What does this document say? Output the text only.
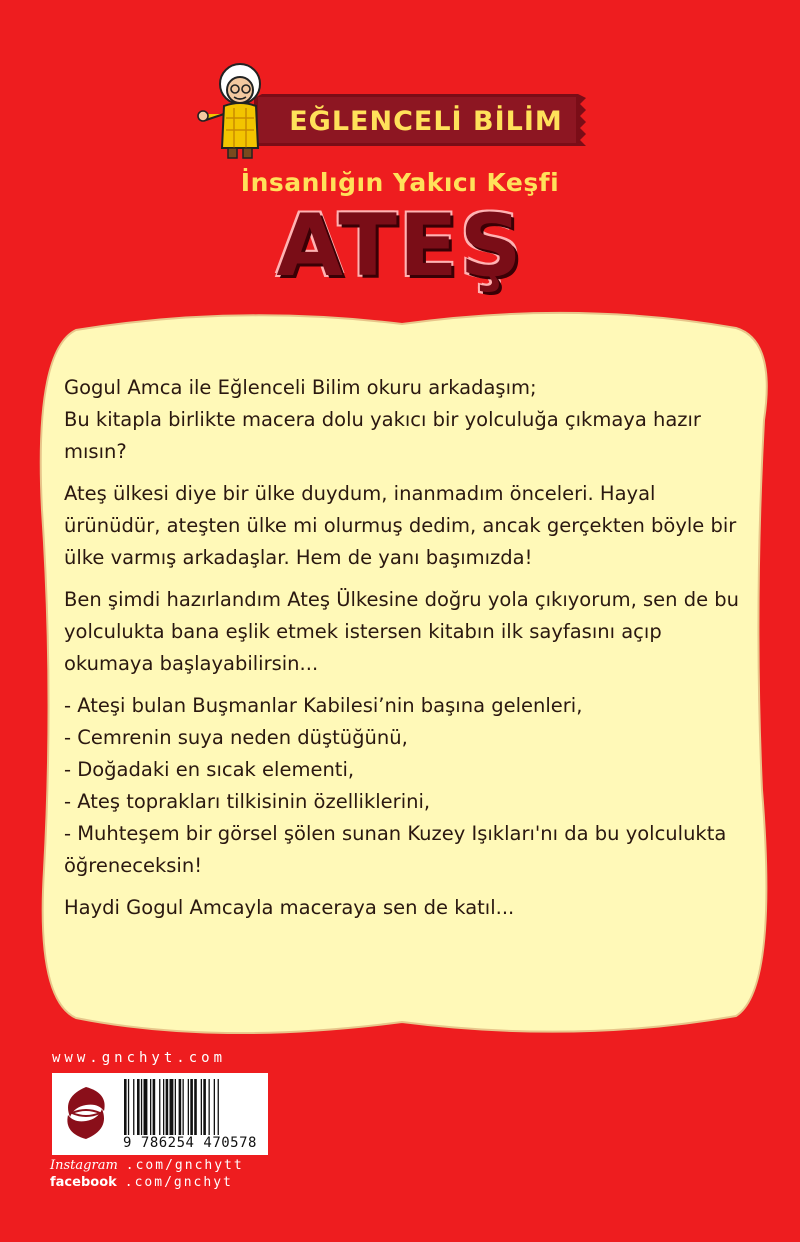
EĞLENCELİ BİLİM
İnsanlığın Yakıcı Keşfi
ATEŞ

Gogul Amca ile Eğlenceli Bilim okuru arkadaşım;
Bu kitapla birlikte macera dolu yakıcı bir yolculuğa çıkmaya hazır mısın?

Ateş ülkesi diye bir ülke duydum, inanmadım önceleri. Hayal ürünüdür, ateşten ülke mi olurmuş dedim, ancak gerçekten böyle bir ülke varmış arkadaşlar. Hem de yanı başımızda!

Ben şimdi hazırlandım Ateş Ülkesine doğru yola çıkıyorum, sen de bu yolculukta bana eşlik etmek istersen kitabın ilk sayfasını açıp okumaya başlayabilirsin...

- Ateşi bulan Buşmanlar Kabilesi’nin başına gelenleri,
- Cemrenin suya neden düştüğünü,
- Doğadaki en sıcak elementi,
- Ateş toprakları tilkisinin özelliklerini,
- Muhteşem bir görsel şölen sunan Kuzey Işıkları'nı da bu yolculukta öğreneceksin!

Haydi Gogul Amcayla maceraya sen de katıl...

www.gnchyt.com
9 786254 470578
Instagram .com/gnchytt
facebook .com/gnchyt
